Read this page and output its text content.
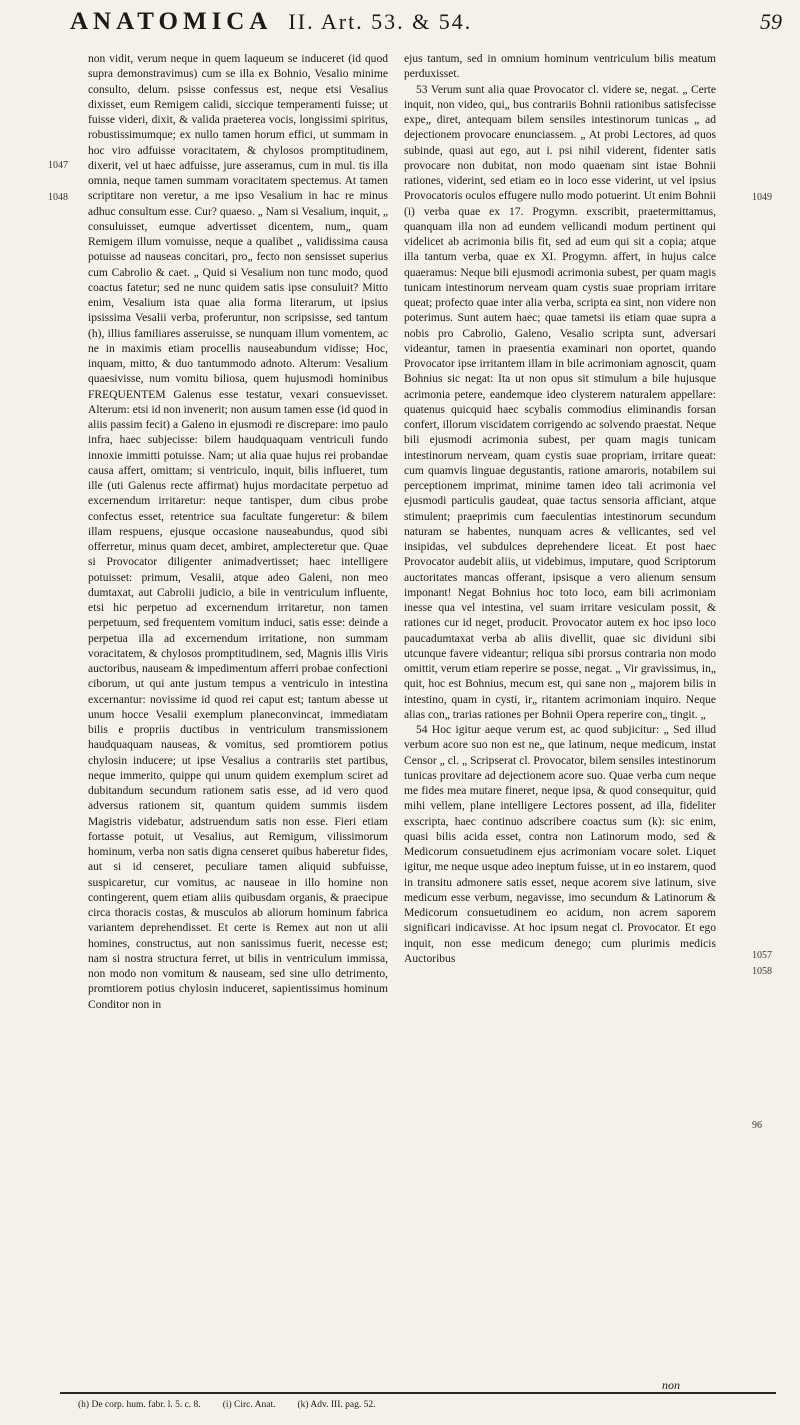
ANATOMICA II. Art. 53. & 54.	59
1047
1048	1049
1057
1058
96

non vidit, verum neque in quem laqueum se induceret (id quod supra demonstravimus) cum se illa ex Bohnio, Vesalio minime consulto, delum. psisse confessus est, neque etsi Vesalius dixisset, eum Remigem calidi, siccique temperamenti fuisse; ut fuisse videri, dixit, & valida praeterea vocis, longissimi spiritus, robustissimumque; ex nullo tamen horum effici, ut summam in hoc viro adfuisse voracitatem, & chylosos promptitudinem, dixerit, vel ut haec adfuisse, jure asseramus, cum in mul. tis illa omnia, neque tamen summam voracitatem spectemus. At tamen scriptitare non veretur, a me ipso Vesalium in hac re minus adhuc consultum esse. Cur? quaeso. „ Nam si Vesalium, inquit, „ consuluisset, eumque advertisset dicentem, num„ quam Remigem illum vomuisse, neque a qualibet „ validissima causa potuisse ad nauseas concitari, pro„ fecto non sensisset superius cum Cabrolio & caet. „ Quid si Vesalium non tunc modo, quod coactus fatetur; sed ne nunc quidem satis ipse consuluit? Mitto enim, Vesalium ista quae alia forma literarum, ut ipsius ipsissima Vesalii verba, proferuntur, non scripsisse, sed tantum (h), illius familiares asseruisse, se nunquam illum vomentem, ac ne in maximis etiam procellis nauseabundum vidisse; Hoc, inquam, mitto, & duo tantummodo adnoto. Alterum: Vesalium quaesivisse, num vomitu biliosa, quem hujusmodi hominibus FREQUENTEM Galenus esse testatur, vexari consuevisset. Alterum: etsi id non invenerit; non ausum tamen esse (id quod in aliis passim fecit) a Galeno in ejusmodi re discrepare: imo paulo infra, haec subjecisse: bilem haudquaquam ventriculi fundo innoxie immitti potuisse. Nam; ut alia quae hujus rei probandae causa affert, omittam; si ventriculo, inquit, bilis influeret, tum ille (uti Galenus recte affirmat) hujus mordacitate perpetuo ad excernendum irritaretur: neque tantisper, dum cibus probe confectus esset, retentrice sua facultate fungeretur: & bilem illam respuens, ejusque occasione nauseabundus, quod sibi offerretur, minus quam decet, ambiret, amplecteretur que. Quae si Provocator diligenter animadvertisset; haec intelligere potuisset: primum, Vesalii, atque adeo Galeni, non meo dumtaxat, aut Cabrolii judicio, a bile in ventriculum influente, etsi hic perpetuo ad excernendum irritaretur, non tamen perpetuum, sed frequentem vomitum induci, satis esse: deinde a perpetua illa ad excernendum irritatione, non summam voracitatem, & chylosos promptitudinem, sed, Magnis illis Viris auctoribus, nauseam & impedimentum afferri probae confectioni ciborum, ut qui ante justum tempus a ventriculo in intestina excernantur: novissime id quod rei caput est; tantum abesse ut unum hocce Vesalii exemplum planeconvincat, immediatam bilis e propriis ductibus in ventriculum transmissionem haudquaquam nauseas, & vomitus, sed promtiorem potius chylosin inducere; ut ipse Vesalius a contrariis stet partibus, neque immerito, quippe qui unum quidem exemplum sciret ad dubitandum secundum rationem satis esse, ad id vero quod adversus rationem sit, quantum quidem summis iisdem Magistris videbatur, adstruendum satis non esse. Fieri etiam fortasse potuit, ut Vesalius, aut Remigum, vilissimorum hominum, verba non satis digna censeret quibus haberetur fides, aut si id censeret, peculiare tamen aliquid subfuisse, suspicaretur, cur vomitus, ac nauseae in illo homine non contingerent, quem etiam aliis quibusdam organis, & praecipue circa thoracis costas, & musculos ab aliorum hominum fabrica variantem deprehendisset. Et certe is Remex aut non ut alii homines, constructus, aut non sanissimus fuerit, necesse est; nam si nostra structura ferret, ut bilis in ventriculum immissa, non modo non vomitum & nauseam, sed sine ullo detrimento, promtiorem potius chylosin induceret, sapientissimus hominum Conditor non in

ejus tantum, sed in omnium hominum ventriculum bilis meatum perduxisset.

53 Verum sunt alia quae Provocator cl. videre se, negat. „ Certe inquit, non video, qui„ bus contrariis Bohnii rationibus satisfecisse expe„ diret, antequam bilem sensiles intestinorum tunicas „ ad dejectionem provocare enunciassem. „ At probi Lectores, ad quos subinde, quasi aut ego, aut i. psi nihil viderent, fidenter satis provocare non dubitat, non modo quaenam sint istae Bohnii rationes, viderint, sed etiam eo in loco esse viderint, ut vel ipsius Provocatoris oculos effugere nullo modo potuerint. Ut enim Bohnii (i) verba quae ex 17. Progymn. exscribit, praetermittamus, quanquam illa non ad eundem vellicandi modum pertinent qui videlicet ab acrimonia bilis fit, sed ad eum qui sit a copia; atque illa tantum verba, quae ex XI. Progymn. affert, in hujus calce quaeramus: Neque bili ejusmodi acrimonia subest, per quam magis tunicam intestinorum nerveam quam cystis suae propriam irritare queat; profecto quae inter alia verba, scripta ea sint, non videre non poterimus. Sunt autem haec; quae tametsi iis etiam quae supra a nobis pro Cabrolio, Galeno, Vesalio scripta sunt, adversari videantur, tamen in praesentia examinari non oportet, quando Provocator ipse irritantem illam in bile acrimoniam agnoscit, quam Bohnius sic negat: Ita ut non opus sit stimulum a bile hujusque acrimonia petere, eandemque ideo clysterem naturalem appellare: quatenus quicquid haec scybalis commodius eliminandis forsan confert, illorum viscidatem corrigendo ac solvendo praestat. Neque bili ejusmodi acrimonia subest, per quam magis tunicam intestinorum nerveam, quam cystis suae propriam, irritare queat: cum quamvis linguae degustantis, ratione amaroris, notabilem sui perceptionem imprimat, minime tamen ideo tali acrimonia vel ejusmodi particulis gaudeat, quae tactus sensoria afficiant, atque stimulent; praeprimis cum faeculentias intestinorum secundum naturam se habentes, nunquam acres & vellicantes, sed vel insipidas, vel subdulces deprehendere liceat. Et post haec Provocator audebit aliis, ut videbimus, imputare, quod Scriptorum auctoritates mancas offerant, ipsisque a vero alienum sensum imponant! Negat Bohnius hoc toto loco, eam bili acrimoniam inesse qua vel intestina, vel suam irritare vesiculam possit, & rationes cur id neget, producit. Provocator autem ex hoc ipso loco paucadumtaxat verba ab aliis divellit, quae sic dividuni sibi utcunque favere videantur; reliqua sibi prorsus contraria non modo omittit, verum etiam reperire se posse, negat. „ Vir gravissimus, in„ quit, hoc est Bohnius, mecum est, qui sane non „ majorem bilis in intestino, quam in cysti, ir„ ritantem acrimoniam inquiro. Neque alias con„ trarias rationes per Bohnii Opera reperire con„ tingit. „

54 Hoc igitur aeque verum est, ac quod subjicitur: „ Sed illud verbum acore suo non est ne„ que latinum, neque medicum, instat Censor „ cl. „ Scripserat cl. Provocator, bilem sensiles intestinorum tunicas provitare ad dejectionem acore suo. Quae verba cum neque me fides mea mutare fineret, neque ipsa, & quod consequitur, quid mihi vellem, plane intelligere Lectores possent, ad illa, fideliter exscripta, haec continuo adscribere coactus sum (k): sic enim, quasi bilis acida esset, contra non Latinorum modo, sed & Medicorum consuetudinem ejus acrimoniam vocare solet. Liquet igitur, me neque usque adeo ineptum fuisse, ut in eo instarem, quod in transitu admonere satis esset, neque acorem sive latinum, sive medicum esse verbum, negavisse, imo secundum & Latinorum & Medicorum consuetudinem eo acidum, non acrem saporem significari indicavisse. At hoc ipsum negat cl. Provocator. Et ego inquit, non esse medicum denego; cum plurimis medicis Auctoribus

non
(h) De corp. hum. fabr. l. 5. c. 8. (i) Circ. Anat. (k) Adv. III. pag. 52.
